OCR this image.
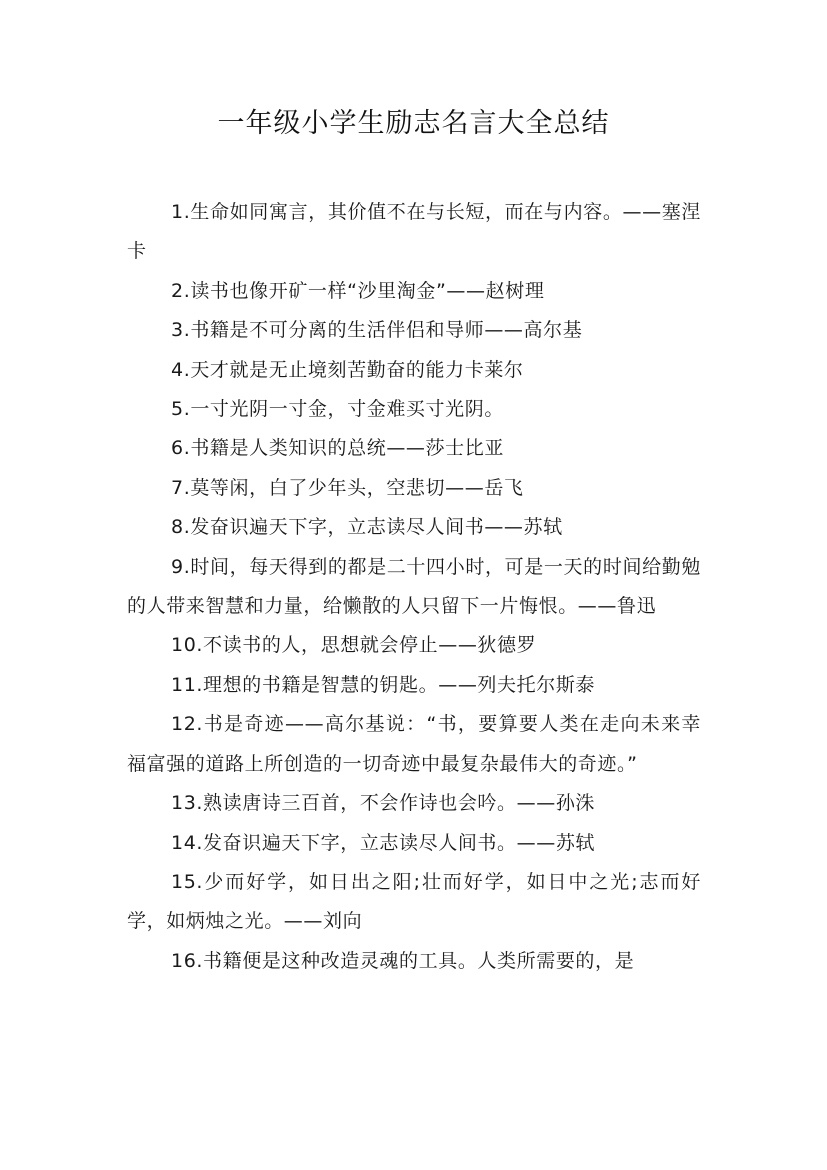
一年级小学生励志名言大全总结

1.生命如同寓言，其价值不在与长短，而在与内容。——塞涅卡

2.读书也像开矿一样“沙里淘金”——赵树理

3.书籍是不可分离的生活伴侣和导师——高尔基

4.天才就是无止境刻苦勤奋的能力卡莱尔

5.一寸光阴一寸金，寸金难买寸光阴。

6.书籍是人类知识的总统——莎士比亚

7.莫等闲，白了少年头，空悲切——岳飞

8.发奋识遍天下字，立志读尽人间书——苏轼

9.时间，每天得到的都是二十四小时，可是一天的时间给勤勉的人带来智慧和力量，给懒散的人只留下一片悔恨。——鲁迅

10.不读书的人，思想就会停止——狄德罗

11.理想的书籍是智慧的钥匙。——列夫托尔斯泰

12.书是奇迹——高尔基说：“书，要算要人类在走向未来幸福富强的道路上所创造的一切奇迹中最复杂最伟大的奇迹。”

13.熟读唐诗三百首，不会作诗也会吟。——孙洙

14.发奋识遍天下字，立志读尽人间书。——苏轼

15.少而好学，如日出之阳;壮而好学，如日中之光;志而好学，如炳烛之光。——刘向

16.书籍便是这种改造灵魂的工具。人类所需要的，是
